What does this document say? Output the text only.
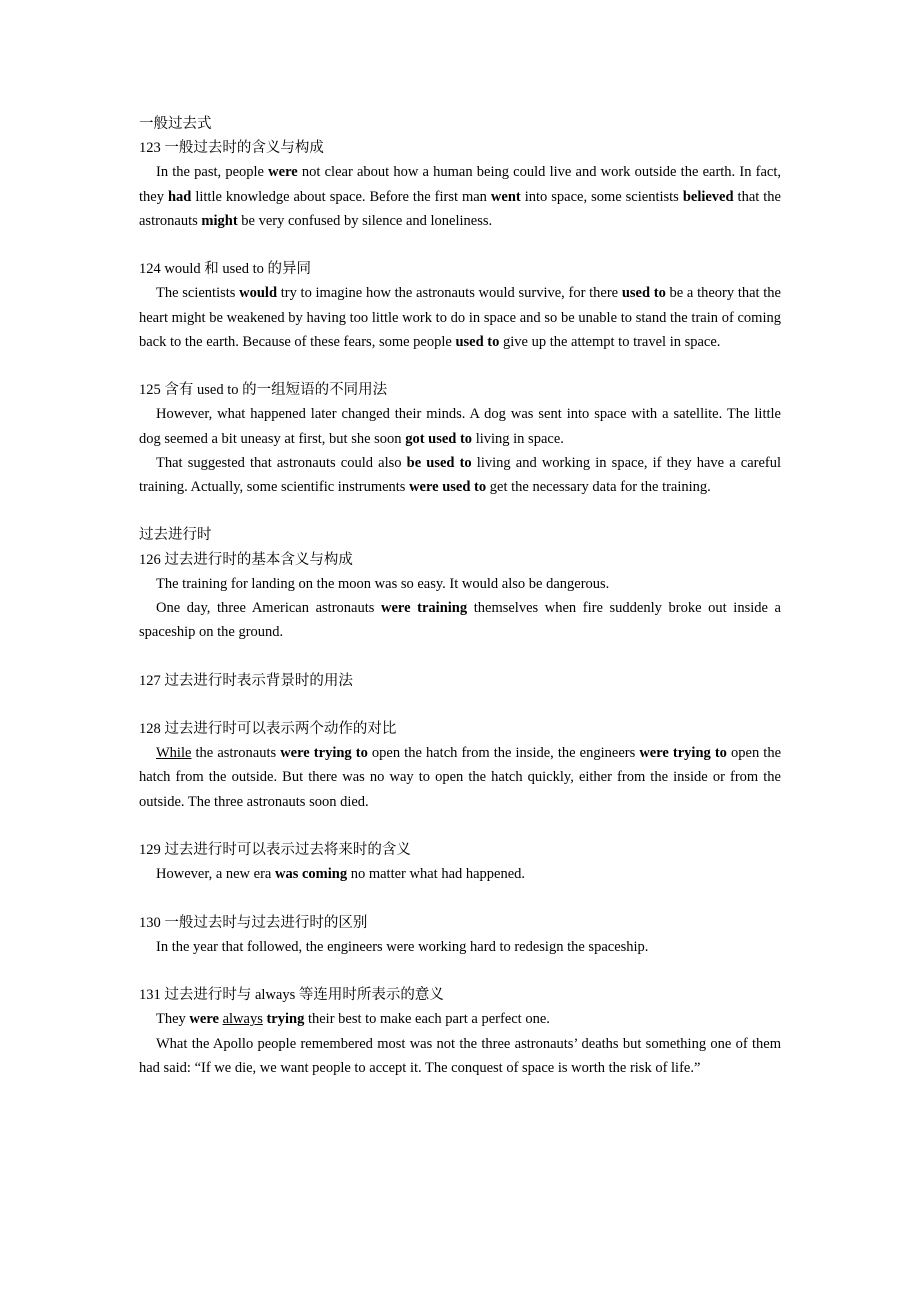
一般过去式

123 一般过去时的含义与构成

In the past, people were not clear about how a human being could live and work outside the earth. In fact, they had little knowledge about space. Before the first man went into space, some scientists believed that the astronauts might be very confused by silence and loneliness.

124 would 和 used to 的异同

The scientists would try to imagine how the astronauts would survive, for there used to be a theory that the heart might be weakened by having too little work to do in space and so be unable to stand the train of coming back to the earth. Because of these fears, some people used to give up the attempt to travel in space.

125 含有 used to 的一组短语的不同用法

However, what happened later changed their minds. A dog was sent into space with a satellite. The little dog seemed a bit uneasy at first, but she soon got used to living in space.

That suggested that astronauts could also be used to living and working in space, if they have a careful training. Actually, some scientific instruments were used to get the necessary data for the training.

过去进行时

126 过去进行时的基本含义与构成

The training for landing on the moon was so easy. It would also be dangerous.

One day, three American astronauts were training themselves when fire suddenly broke out inside a spaceship on the ground.

127 过去进行时表示背景时的用法

128 过去进行时可以表示两个动作的对比

While the astronauts were trying to open the hatch from the inside, the engineers were trying to open the hatch from the outside. But there was no way to open the hatch quickly, either from the inside or from the outside. The three astronauts soon died.

129 过去进行时可以表示过去将来时的含义

However, a new era was coming no matter what had happened.

130 一般过去时与过去进行时的区别

In the year that followed, the engineers were working hard to redesign the spaceship.

131 过去进行时与 always 等连用时所表示的意义

They were always trying their best to make each part a perfect one.

What the Apollo people remembered most was not the three astronauts’ deaths but something one of them had said: “If we die, we want people to accept it. The conquest of space is worth the risk of life.”
